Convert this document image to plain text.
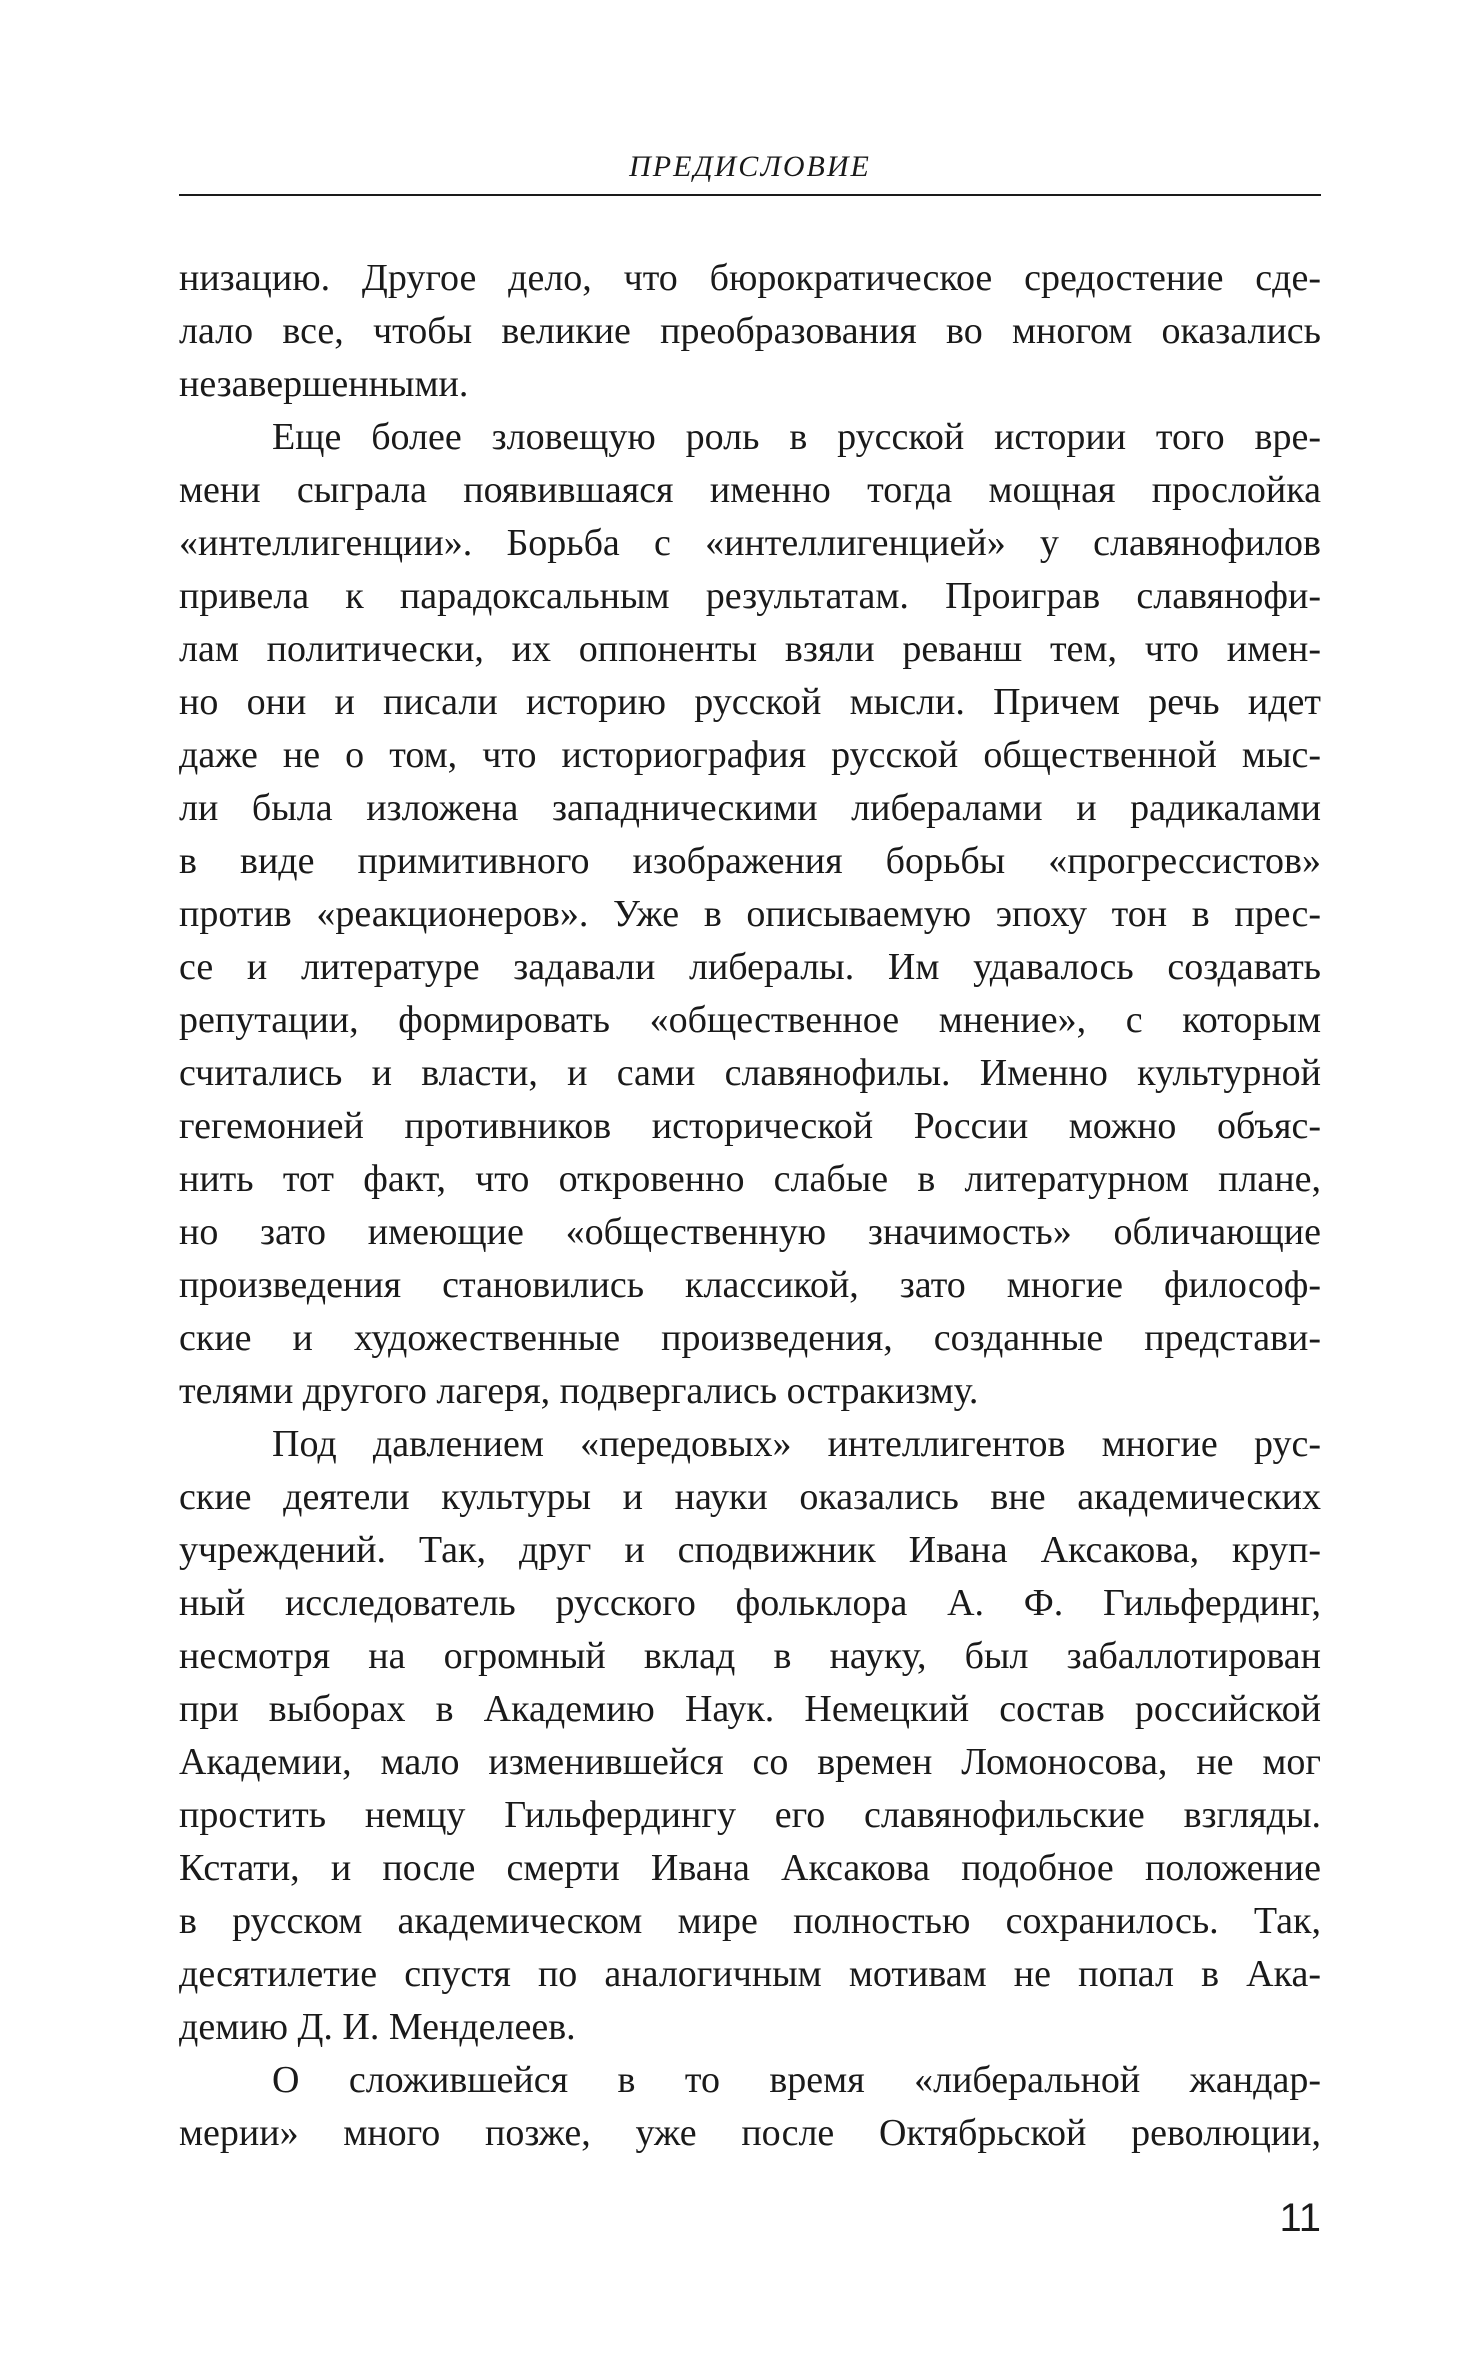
ПРЕДИСЛОВИЕ
низацию. Другое дело, что бюрократическое средостение сде-
лало все, чтобы великие преобразования во многом оказались
незавершенными.
Еще более зловещую роль в русской истории того вре-
мени сыграла появившаяся именно тогда мощная прослойка
«интеллигенции». Борьба с «интеллигенцией» у славянофилов
привела к парадоксальным результатам. Проиграв славянофи-
лам политически, их оппоненты взяли реванш тем, что имен-
но они и писали историю русской мысли. Причем речь идет
даже не о том, что историография русской общественной мыс-
ли была изложена западническими либералами и радикалами
в виде примитивного изображения борьбы «прогрессистов»
против «реакционеров». Уже в описываемую эпоху тон в прес-
се и литературе задавали либералы. Им удавалось создавать
репутации, формировать «общественное мнение», с которым
считались и власти, и сами славянофилы. Именно культурной
гегемонией противников исторической России можно объяс-
нить тот факт, что откровенно слабые в литературном плане,
но зато имеющие «общественную значимость» обличающие
произведения становились классикой, зато многие философ-
ские и художественные произведения, созданные представи-
телями другого лагеря, подвергались остракизму.
Под давлением «передовых» интеллигентов многие рус-
ские деятели культуры и науки оказались вне академических
учреждений. Так, друг и сподвижник Ивана Аксакова, круп-
ный исследователь русского фольклора А. Ф. Гильфердинг,
несмотря на огромный вклад в науку, был забаллотирован
при выборах в Академию Наук. Немецкий состав российской
Академии, мало изменившейся со времен Ломоносова, не мог
простить немцу Гильфердингу его славянофильские взгляды.
Кстати, и после смерти Ивана Аксакова подобное положение
в русском академическом мире полностью сохранилось. Так,
десятилетие спустя по аналогичным мотивам не попал в Ака-
демию Д. И. Менделеев.
О сложившейся в то время «либеральной жандар-
мерии» много позже, уже после Октябрьской революции,
11
